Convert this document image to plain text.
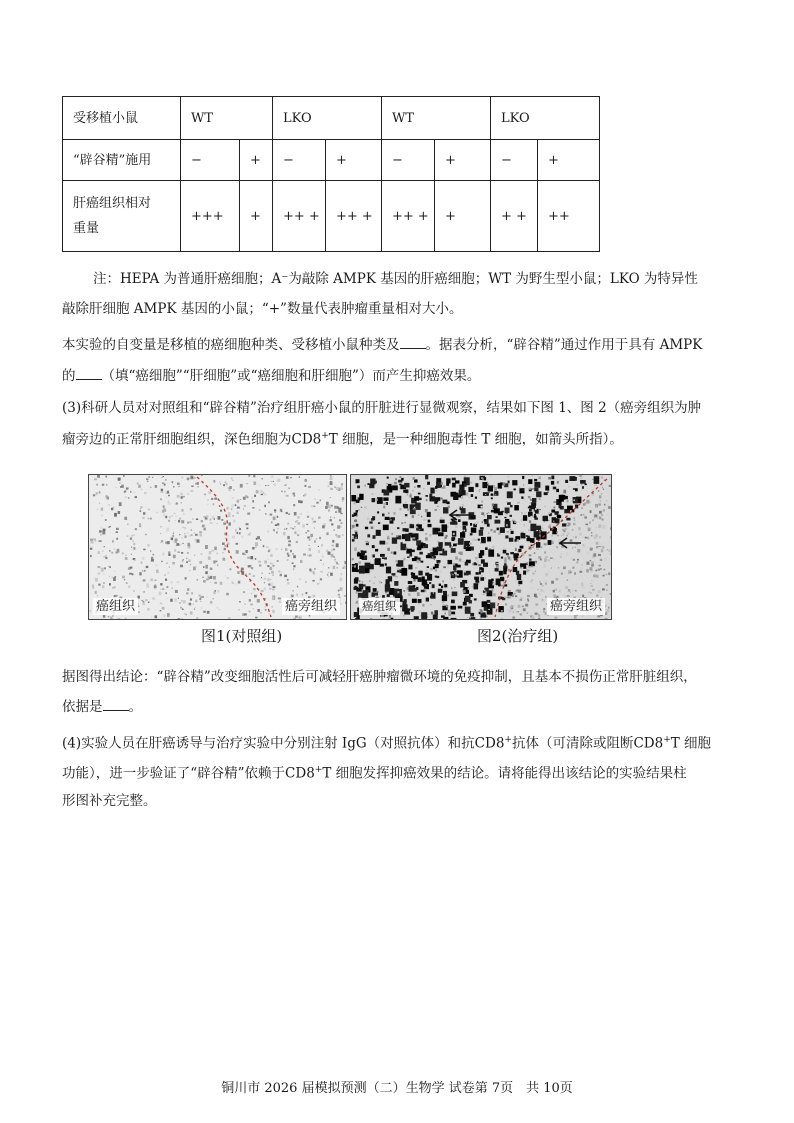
受移植小鼠	WT		LKO		WT		LKO	
“辟谷精”施用	−	+	−	+	−	+	−	+

肝癌组织相对
重量	+++	+	++ +	++ +	++ +	+	+ +	++
注：HEPA 为普通肝癌细胞；A⁻为敲除 AMPK 基因的肝癌细胞；WT 为野生型小鼠；LKO 为特异性
敲除肝细胞 AMPK 基因的小鼠；“+”数量代表肿瘤重量相对大小。
本实验的自变量是移植的癌细胞种类、受移植小鼠种类及 。据表分析，“辟谷精”通过作用于具有 AMPK
的 （填“癌细胞”“肝细胞”或“癌细胞和肝细胞”）而产生抑癌效果。
(3)科研人员对对照组和“辟谷精”治疗组肝癌小鼠的肝脏进行显微观察，结果如下图 1、图 2（癌旁组织为肿
瘤旁边的正常肝细胞组织，深色细胞为CD8+T 细胞，是一种细胞毒性 T 细胞，如箭头所指）。
癌组织	癌旁组织 癌组织	癌旁组织
图1(对照组)	图2(治疗组)
据图得出结论：“辟谷精”改变细胞活性后可减轻肝癌肿瘤微环境的免疫抑制，且基本不损伤正常肝脏组织，
依据是 。
(4)实验人员在肝癌诱导与治疗实验中分别注射 IgG（对照抗体）和抗CD8+抗体（可清除或阻断CD8+T 细胞
功能），进一步验证了“辟谷精”依赖于CD8+T 细胞发挥抑癌效果的结论。请将能得出该结论的实验结果柱
形图补充完整。
铜川市 2026 届模拟预测（二）生物学 试卷第 7页　共 10页
